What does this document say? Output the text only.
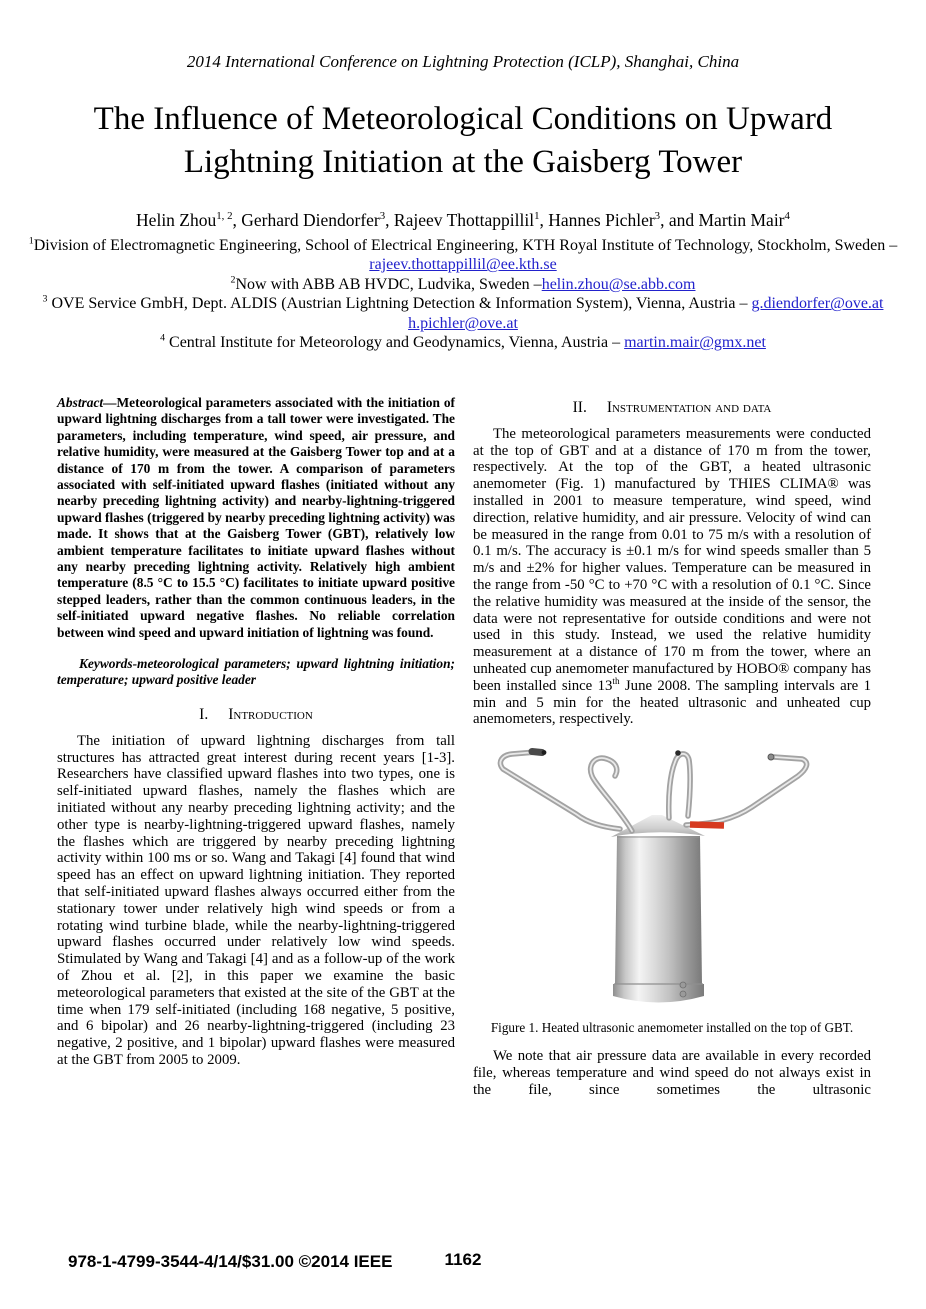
2014 International Conference on Lightning Protection (ICLP), Shanghai, China
The Influence of Meteorological Conditions on Upward Lightning Initiation at the Gaisberg Tower
Helin Zhou$^{1, 2}$, Gerhard Diendorfer$^3$, Rajeev Thottappillil$^1$, Hannes Pichler$^3$, and Martin Mair$^4$

$^1$Division of Electromagnetic Engineering, School of Electrical Engineering, KTH Royal Institute of Technology, Stockholm, Sweden –rajeev.thottappillil@ee.kth.se

$^2$Now with ABB AB HVDC, Ludvika, Sweden –helin.zhou@se.abb.com

$^3$ OVE Service GmbH, Dept. ALDIS (Austrian Lightning Detection & Information System), Vienna, Austria – g.diendorfer@ove.at h.pichler@ove.at

$^4$ Central Institute for Meteorology and Geodynamics, Vienna, Austria – martin.mair@gmx.net

Abstract—Meteorological parameters associated with the initiation of upward lightning discharges from a tall tower were investigated. The parameters, including temperature, wind speed, air pressure, and relative humidity, were measured at the Gaisberg Tower top and at a distance of 170 m from the tower. A comparison of parameters associated with self-initiated upward flashes (initiated without any nearby preceding lightning activity) and nearby-lightning-triggered upward flashes (triggered by nearby preceding lightning activity) was made. It shows that at the Gaisberg Tower (GBT), relatively low ambient temperature facilitates to initiate upward flashes without any nearby preceding lightning activity. Relatively high ambient temperature (8.5 °C to 15.5 °C) facilitates to initiate upward positive stepped leaders, rather than the common continuous leaders, in the self-initiated upward negative flashes. No reliable correlation between wind speed and upward initiation of lightning was found.

Keywords-meteorological parameters; upward lightning initiation; temperature; upward positive leader

I. Introduction

The initiation of upward lightning discharges from tall structures has attracted great interest during recent years [1-3]. Researchers have classified upward flashes into two types, one is self-initiated upward flashes, namely the flashes which are initiated without any nearby preceding lightning activity; and the other type is nearby-lightning-triggered upward flashes, namely the flashes which are triggered by nearby preceding lightning activity within 100 ms or so. Wang and Takagi [4] found that wind speed has an effect on upward lightning initiation. They reported that self-initiated upward flashes always occurred either from the stationary tower under relatively high wind speeds or from a rotating wind turbine blade, while the nearby-lightning-triggered upward flashes occurred under relatively low wind speeds. Stimulated by Wang and Takagi [4] and as a follow-up of the work of Zhou et al. [2], in this paper we examine the basic meteorological parameters that existed at the site of the GBT at the time when 179 self-initiated (including 168 negative, 5 positive, and 6 bipolar) and 26 nearby-lightning-triggered (including 23 negative, 2 positive, and 1 bipolar) upward flashes were measured at the GBT from 2005 to 2009.

II. Instrumentation and data

The meteorological parameters measurements were conducted at the top of GBT and at a distance of 170 m from the tower, respectively. At the top of the GBT, a heated ultrasonic anemometer (Fig. 1) manufactured by THIES CLIMA® was installed in 2001 to measure temperature, wind speed, wind direction, relative humidity, and air pressure. Velocity of wind can be measured in the range from 0.01 to 75 m/s with a resolution of 0.1 m/s. The accuracy is ±0.1 m/s for wind speeds smaller than 5 m/s and ±2% for higher values. Temperature can be measured in the range from -50 °C to +70 °C with a resolution of 0.1 °C. Since the relative humidity was measured at the inside of the sensor, the data were not representative for outside conditions and were not used in this study. Instead, we used the relative humidity measurement at a distance of 170 m from the tower, where an unheated cup anemometer manufactured by HOBO® company has been installed since 13th June 2008. The sampling intervals are 1 min and 5 min for the heated ultrasonic and unheated cup anemometers, respectively.

Figure 1. Heated ultrasonic anemometer installed on the top of GBT.

We note that air pressure data are available in every recorded file, whereas temperature and wind speed do not always exist in the file, since sometimes the ultrasonic

978-1-4799-3544-4/14/$31.00 ©2014 IEEE	1162
